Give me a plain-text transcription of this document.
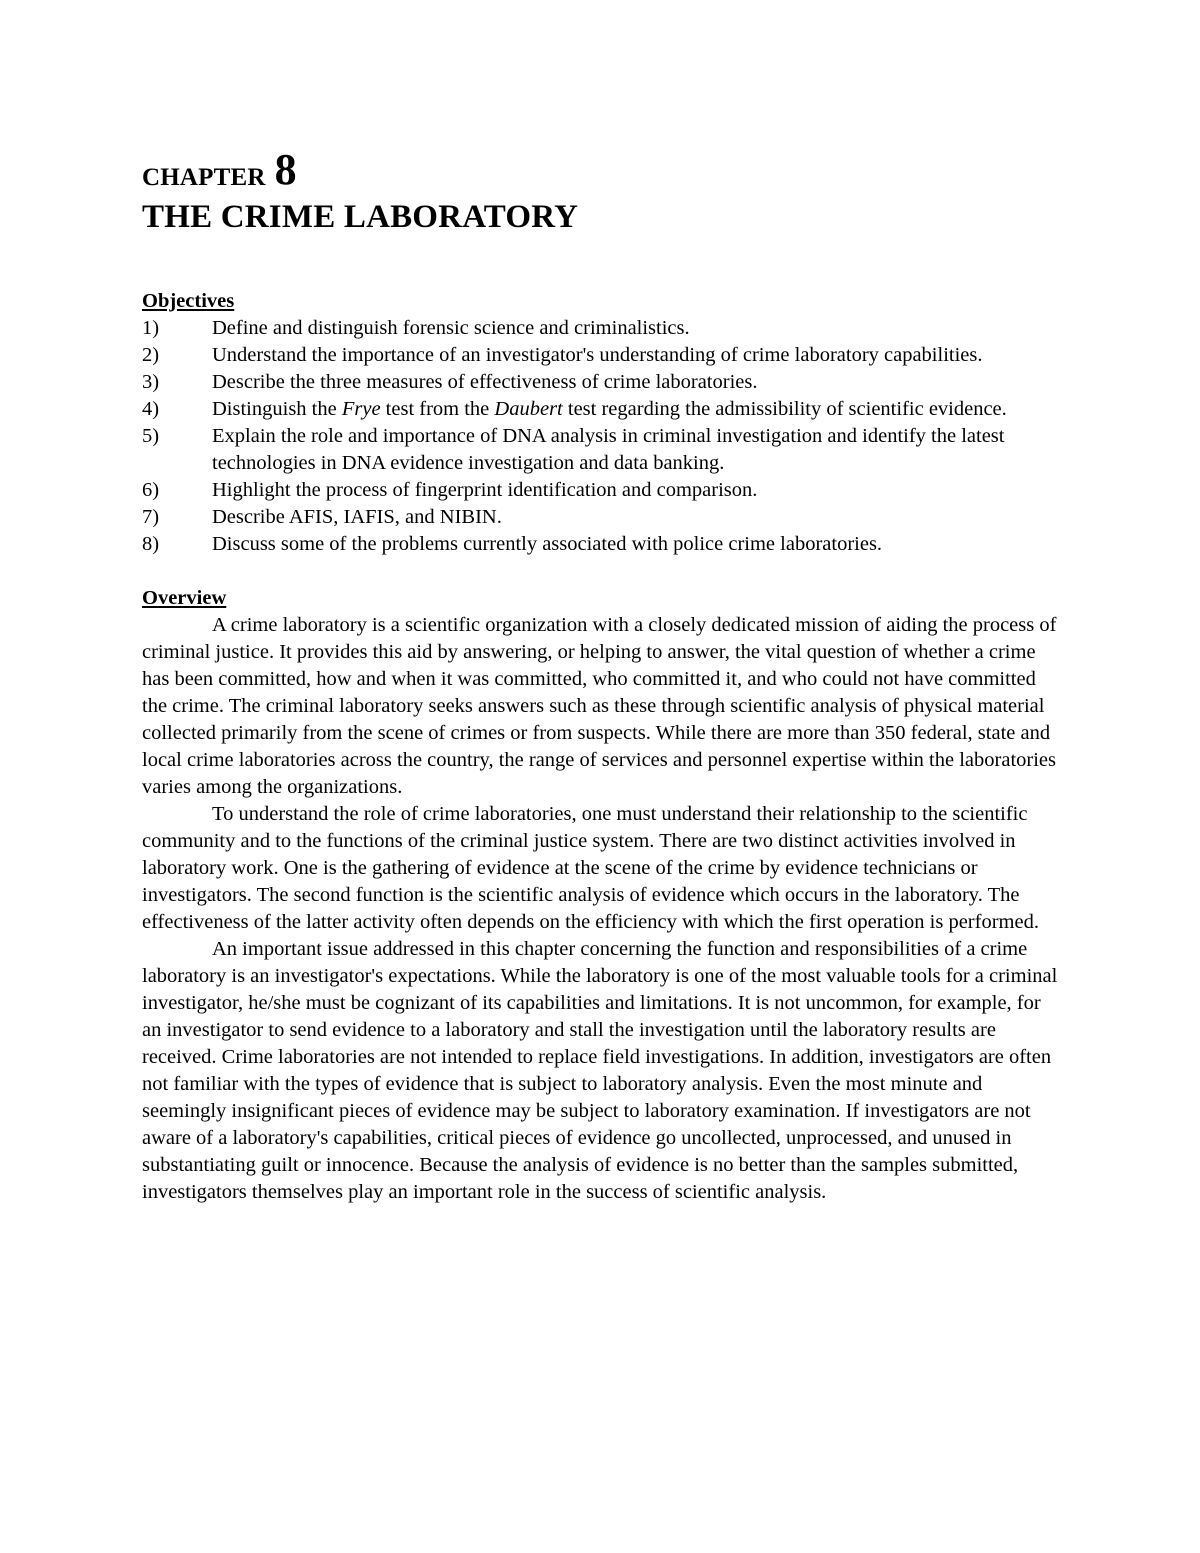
CHAPTER 8
THE CRIME LABORATORY
Objectives
1)	Define and distinguish forensic science and criminalistics.
2)	Understand the importance of an investigator's understanding of crime laboratory capabilities.
3)	Describe the three measures of effectiveness of crime laboratories.
4)	Distinguish the Frye test from the Daubert test regarding the admissibility of scientific evidence.
5)	Explain the role and importance of DNA analysis in criminal investigation and identify the latest technologies in DNA evidence investigation and data banking.
6)	Highlight the process of fingerprint identification and comparison.
7)	Describe AFIS, IAFIS, and NIBIN.
8)	Discuss some of the problems currently associated with police crime laboratories.
Overview

A crime laboratory is a scientific organization with a closely dedicated mission of aiding the process of criminal justice. It provides this aid by answering, or helping to answer, the vital question of whether a crime has been committed, how and when it was committed, who committed it, and who could not have committed the crime. The criminal laboratory seeks answers such as these through scientific analysis of physical material collected primarily from the scene of crimes or from suspects. While there are more than 350 federal, state and local crime laboratories across the country, the range of services and personnel expertise within the laboratories varies among the organizations.

To understand the role of crime laboratories, one must understand their relationship to the scientific community and to the functions of the criminal justice system. There are two distinct activities involved in laboratory work. One is the gathering of evidence at the scene of the crime by evidence technicians or investigators. The second function is the scientific analysis of evidence which occurs in the laboratory. The effectiveness of the latter activity often depends on the efficiency with which the first operation is performed.

An important issue addressed in this chapter concerning the function and responsibilities of a crime laboratory is an investigator's expectations. While the laboratory is one of the most valuable tools for a criminal investigator, he/she must be cognizant of its capabilities and limitations. It is not uncommon, for example, for an investigator to send evidence to a laboratory and stall the investigation until the laboratory results are received. Crime laboratories are not intended to replace field investigations. In addition, investigators are often not familiar with the types of evidence that is subject to laboratory analysis. Even the most minute and seemingly insignificant pieces of evidence may be subject to laboratory examination. If investigators are not aware of a laboratory's capabilities, critical pieces of evidence go uncollected, unprocessed, and unused in substantiating guilt or innocence. Because the analysis of evidence is no better than the samples submitted, investigators themselves play an important role in the success of scientific analysis.
